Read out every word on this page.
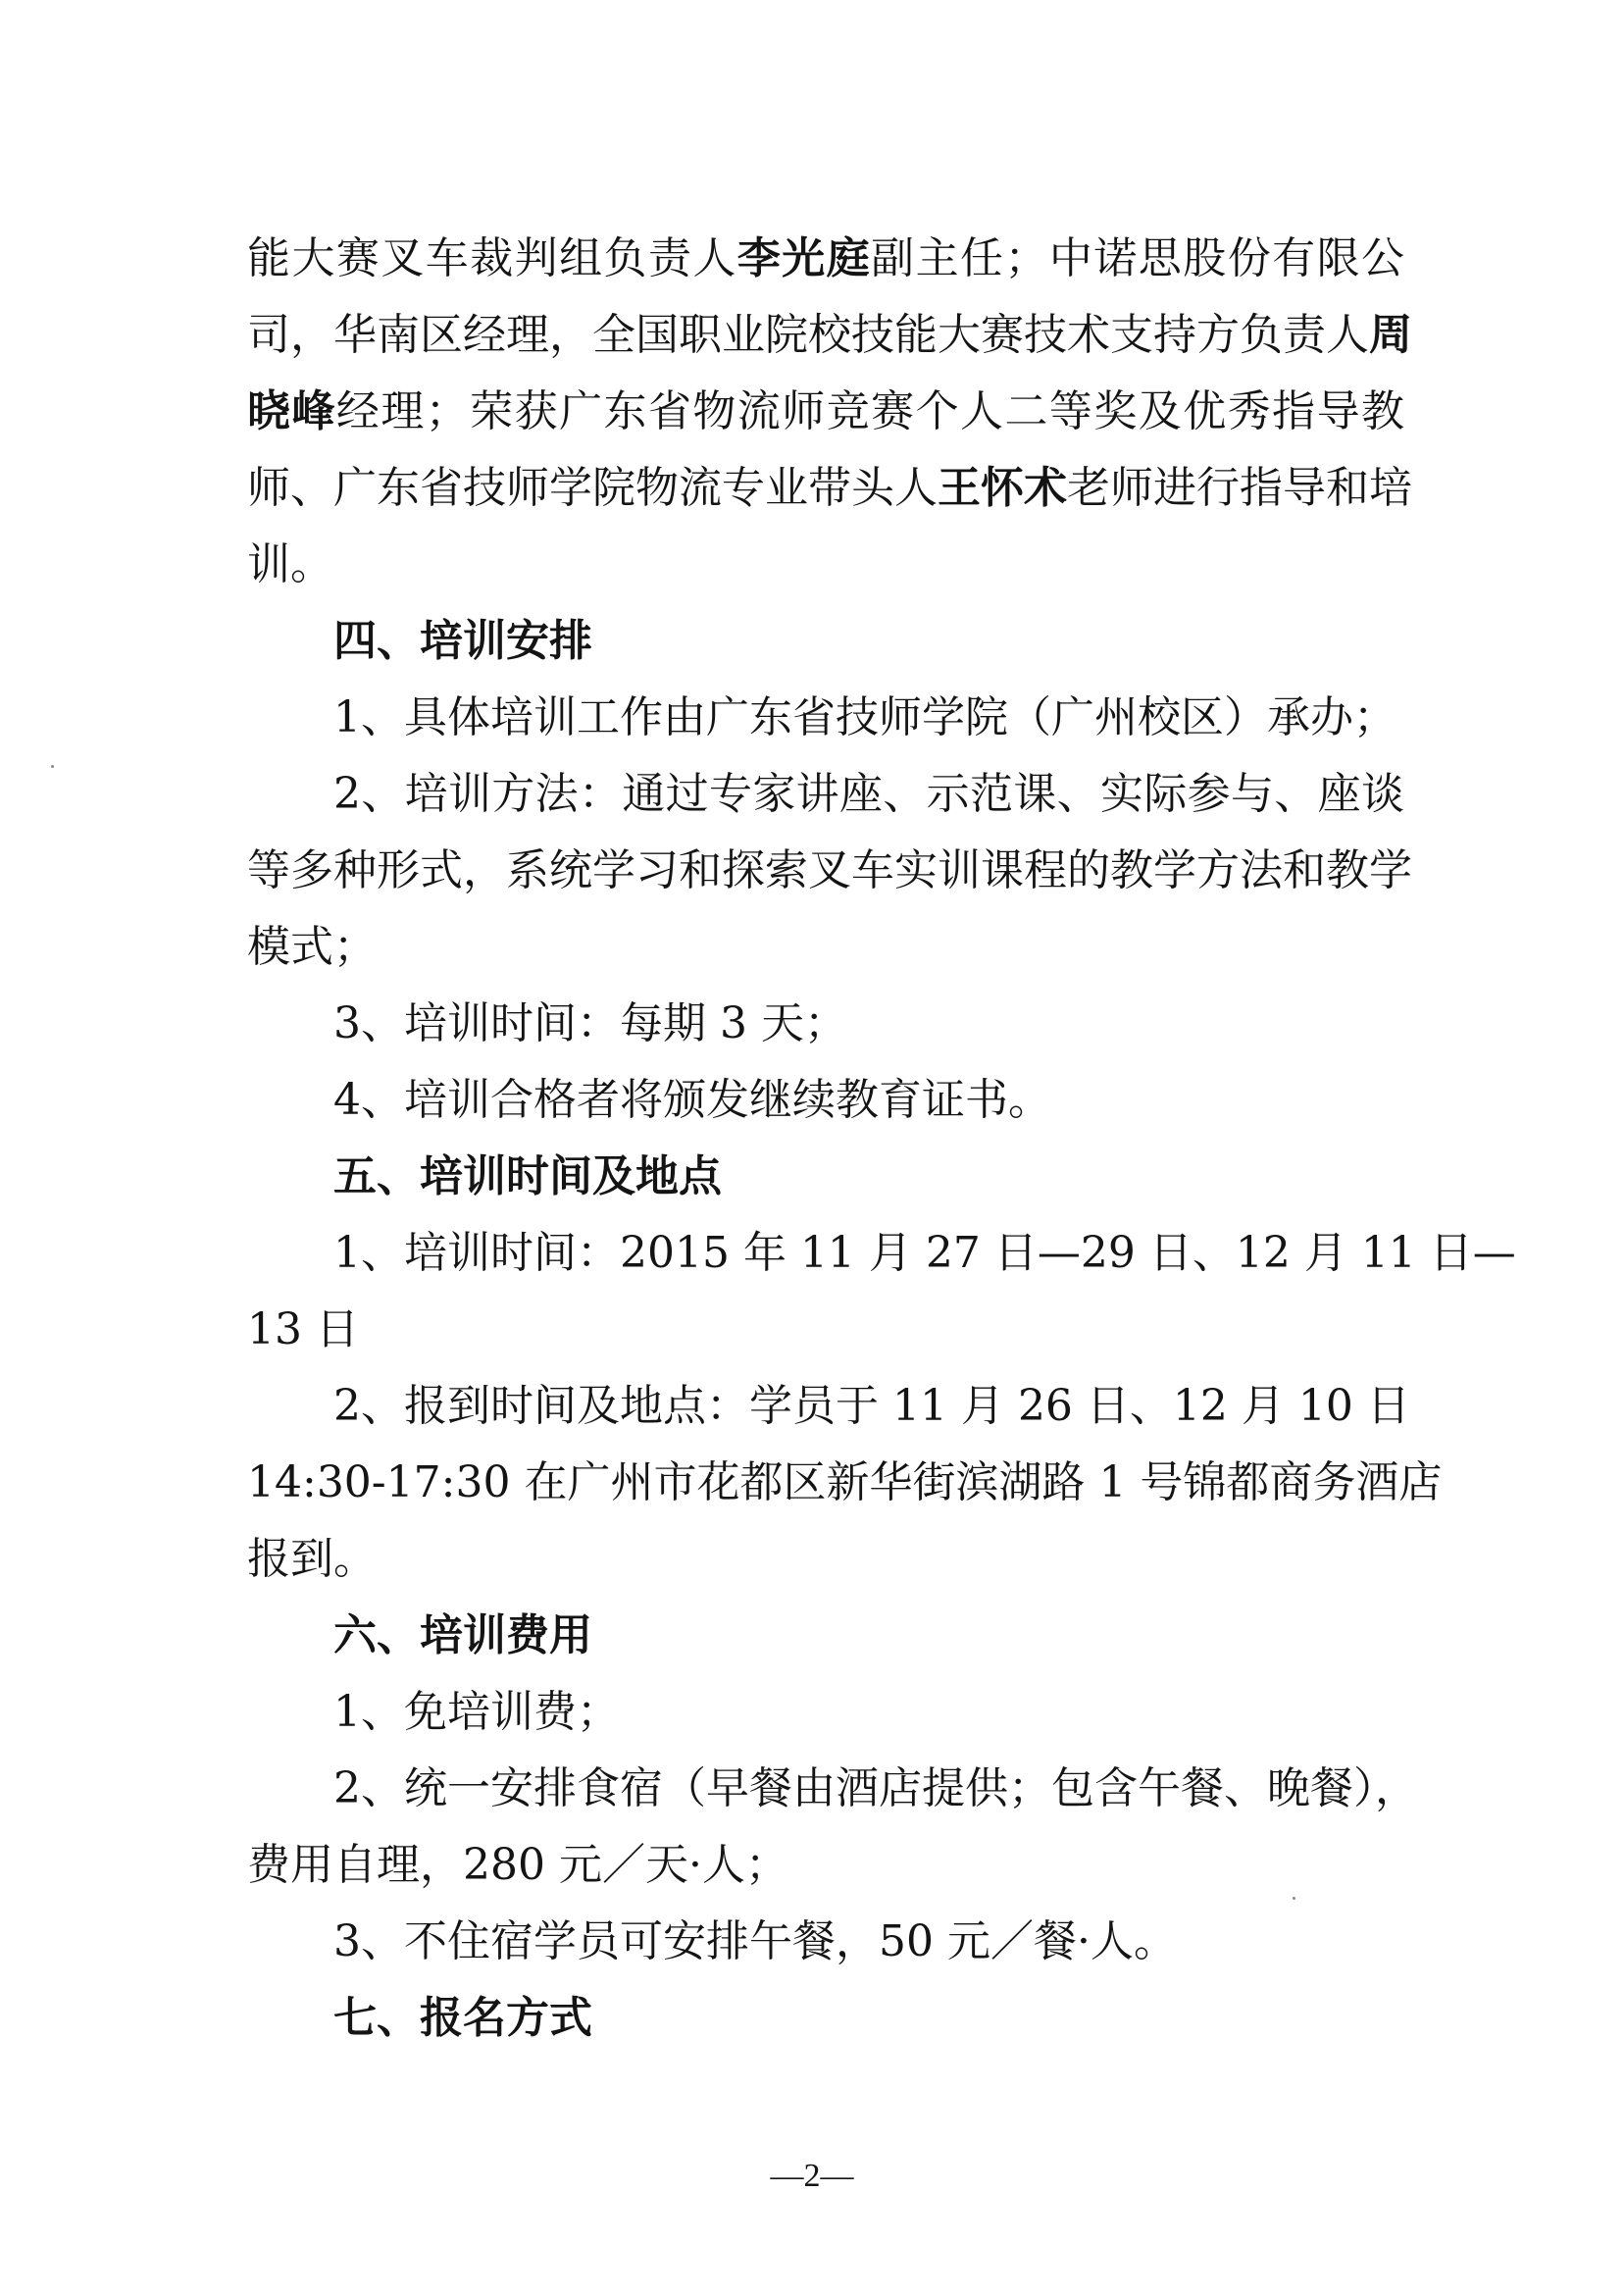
能大赛叉车裁判组负责人李光庭副主任；中诺思股份有限公
司，华南区经理，全国职业院校技能大赛技术支持方负责人周
晓峰经理；荣获广东省物流师竞赛个人二等奖及优秀指导教
师、广东省技师学院物流专业带头人王怀术老师进行指导和培
训。
四、培训安排
1、具体培训工作由广东省技师学院（广州校区）承办；
2、培训方法：通过专家讲座、示范课、实际参与、座谈
等多种形式，系统学习和探索叉车实训课程的教学方法和教学
模式；
3、培训时间：每期 3 天；
4、培训合格者将颁发继续教育证书。
五、培训时间及地点
1、培训时间：2015 年 11 月 27 日—29 日、12 月 11 日—
13 日
2、报到时间及地点：学员于 11 月 26 日、12 月 10 日
14:30-17:30 在广州市花都区新华街滨湖路 1 号锦都商务酒店
报到。
六、培训费用
1、免培训费；
2、统一安排食宿（早餐由酒店提供；包含午餐、晚餐），
费用自理，280 元／天·人；
3、不住宿学员可安排午餐，50 元／餐·人。
七、报名方式
—2—
